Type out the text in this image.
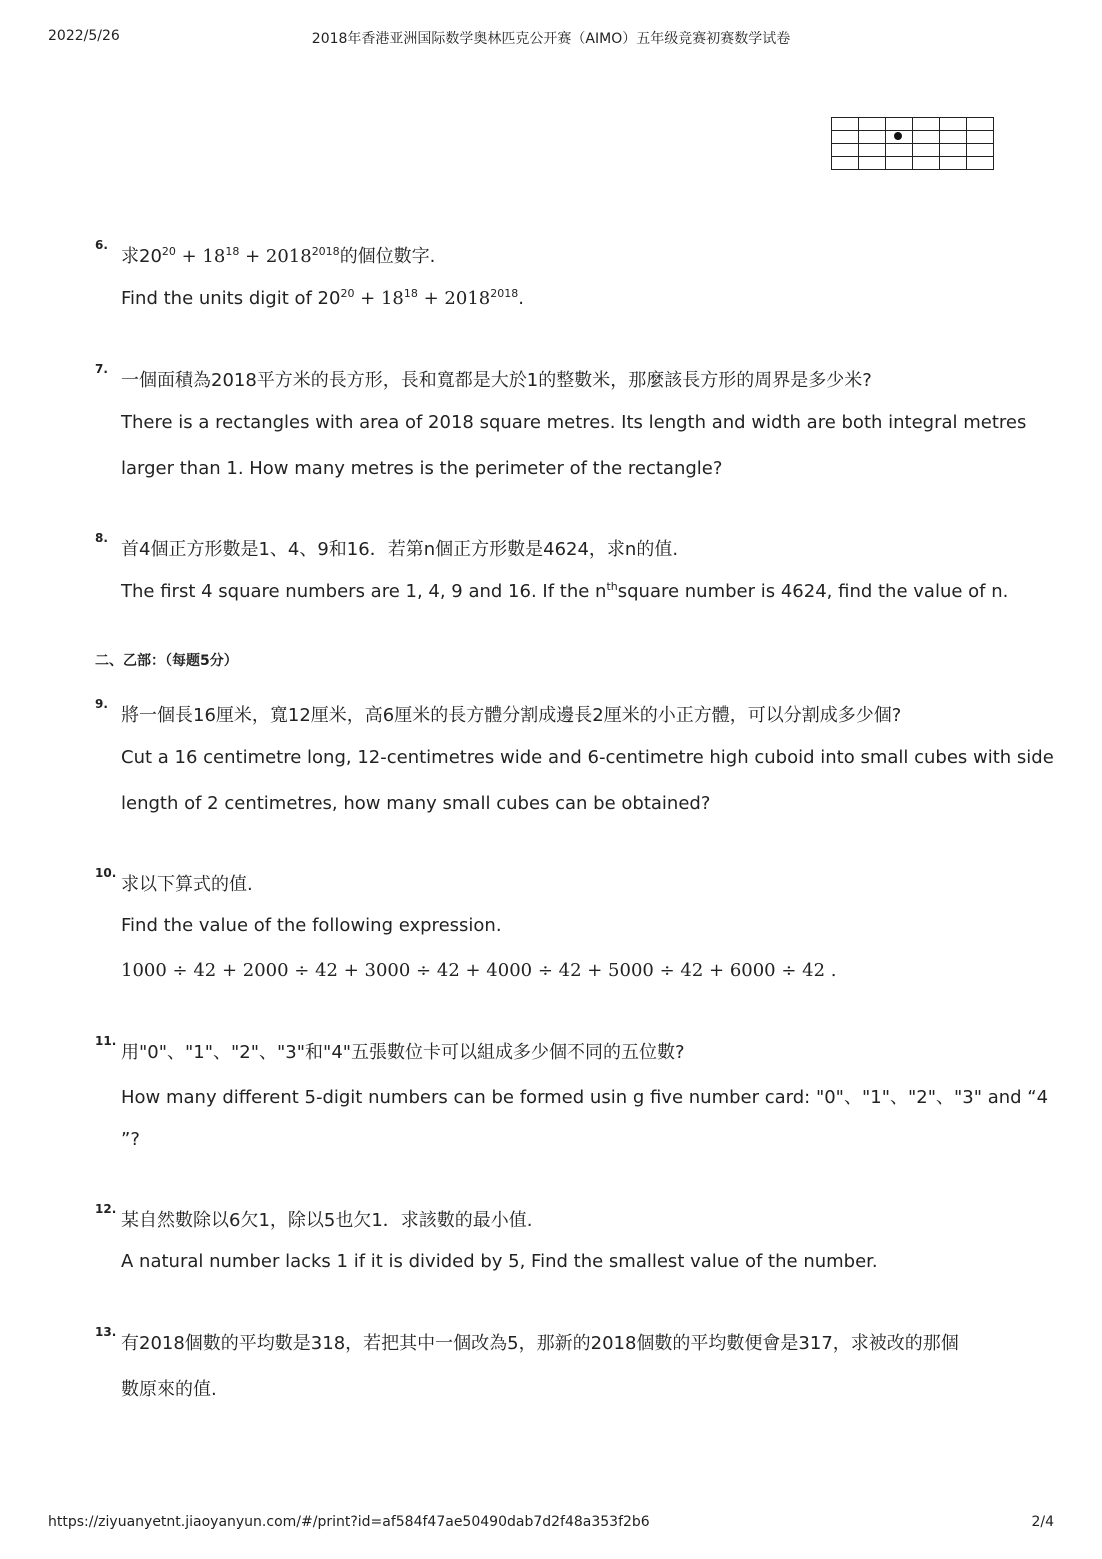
2022/5/26	2018年香港亚洲国际数学奥林匹克公开赛（AIMO）五年级竞赛初赛数学试卷

6.
求$20^{20} + 18^{18} + 2018^{2018}$的個位數字.
Find the units digit of $20^{20} + 18^{18} + 2018^{2018}$.
7.
一個面積為2018平方米的長方形，長和寬都是大於1的整數米，那麼該長方形的周界是多少米?
There is a rectangles with area of 2018 square metres. Its length and width are both integral metres
larger than 1. How many metres is the perimeter of the rectangle?
8.
首4個正方形數是1、4、9和16．若第n個正方形數是4624，求n的值.
The first 4 square numbers are 1, 4, 9 and 16. If the $n^{th}square$ number is 4624, find the value of n.
二、乙部：（每题5分）
9.
將一個長16厘米，寬12厘米，高6厘米的長方體分割成邊長2厘米的小正方體，可以分割成多少個?
Cut a 16 centimetre long, 12-centimetres wide and 6-centimetre high cuboid into small cubes with side
length of 2 centimetres, how many small cubes can be obtained?
10.
求以下算式的值.
Find the value of the following expression.
1000 ÷ 42 + 2000 ÷ 42 + 3000 ÷ 42 + 4000 ÷ 42 + 5000 ÷ 42 + 6000 ÷ 42 .
11.
用"0"、"1"、"2"、"3"和"4"五張數位卡可以組成多少個不同的五位數?
How many different 5-digit numbers can be formed usin g five number card: "0"、"1"、"2"、"3" and “4
”?
12.
某自然數除以6欠1，除以5也欠1．求該數的最小值.
A natural number lacks 1 if it is divided by 5, Find the smallest value of the number.
13.
有2018個數的平均數是318，若把其中一個改為5，那新的2018個數的平均數便會是317，求被改的那個
數原來的值.
https://ziyuanyetnt.jiaoyanyun.com/#/print?id=af584f47ae50490dab7d2f48a353f2b6	2/4
